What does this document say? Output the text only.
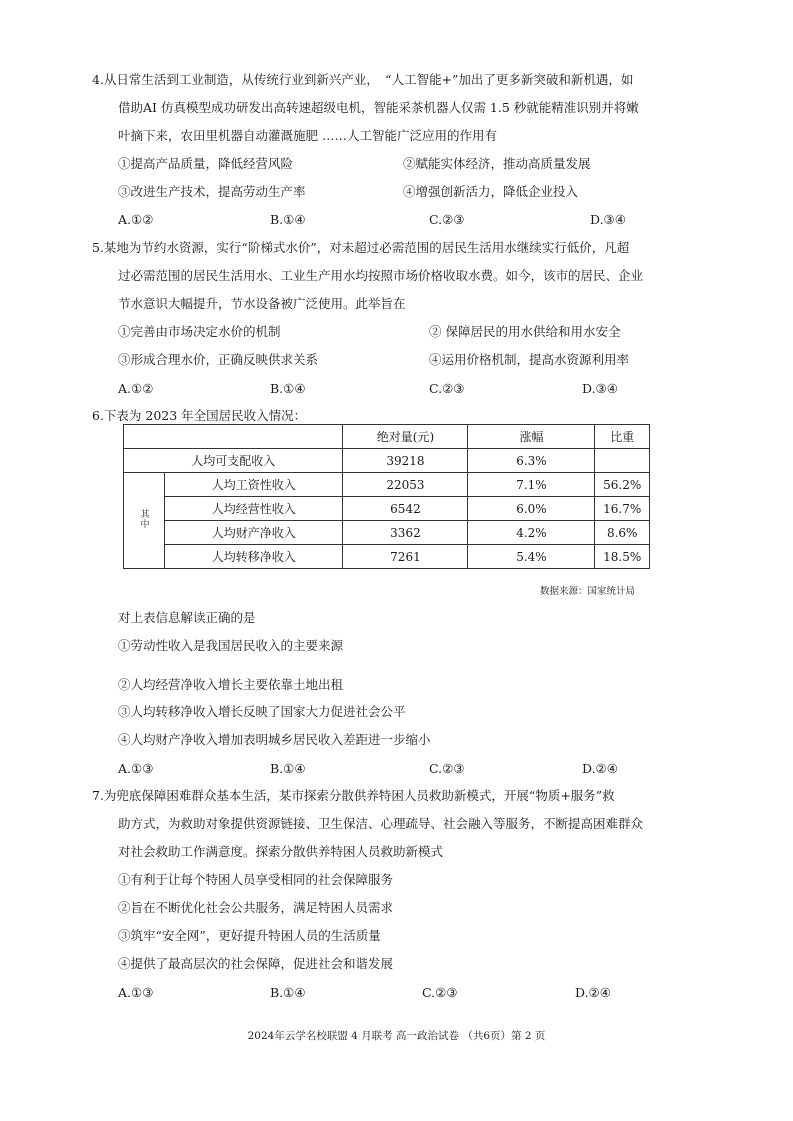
4.从日常生活到工业制造，从传统行业到新兴产业，　“人工智能+”加出了更多新突破和新机遇，如
借助AI 仿真模型成功研发出高转速超级电机，智能采茶机器人仅需 1.5 秒就能精准识别并将嫩
叶摘下来，农田里机器自动灌溉施肥 ……人工智能广泛应用的作用有
①提高产品质量，降低经营风险	②赋能实体经济，推动高质量发展
③改进生产技术，提高劳动生产率	④增强创新活力，降低企业投入
A.①②	B.①④	C.②③	D.③④
5.某地为节约水资源，实行“阶梯式水价”，对未超过必需范围的居民生活用水继续实行低价，凡超
过必需范围的居民生活用水、工业生产用水均按照市场价格收取水费。如今，该市的居民、企业
节水意识大幅提升，节水设备被广泛使用。此举旨在
①完善由市场决定水价的机制	② 保障居民的用水供给和用水安全
③形成合理水价，正确反映供求关系	④运用价格机制，提高水资源利用率
A.①②	B.①④	C.②③	D.③④
6.下表为 2023 年全国居民收入情况：
		绝对量(元)	涨幅	比重
人均可支配收入		39218	6.3%	
其中	人均工资性收入	22053	7.1%	56.2%
	人均经营性收入	6542	6.0%	16.7%
	人均财产净收入	3362	4.2%	8.6%
	人均转移净收入	7261	5.4%	18.5%
数据来源：国家统计局
对上表信息解读正确的是
①劳动性收入是我国居民收入的主要来源
②人均经营净收入增长主要依靠土地出租
③人均转移净收入增长反映了国家大力促进社会公平
④人均财产净收入增加表明城乡居民收入差距进一步缩小
A.①③	B.①④	C.②③	D.②④
7.为兜底保障困难群众基本生活，某市探索分散供养特困人员救助新模式，开展“物质+服务”救
助方式，为救助对象提供资源链接、卫生保洁、心理疏导、社会融入等服务，不断提高困难群众
对社会救助工作满意度。探索分散供养特困人员救助新模式
①有利于让每个特困人员享受相同的社会保障服务
②旨在不断优化社会公共服务，满足特困人员需求
③筑牢“安全网”，更好提升特困人员的生活质量
④提供了最高层次的社会保障，促进社会和谐发展
A.①③	B.①④	C.②③	D.②④
2024年云学名校联盟 4 月联考 高一政治试卷 （共6页）第 2 页
